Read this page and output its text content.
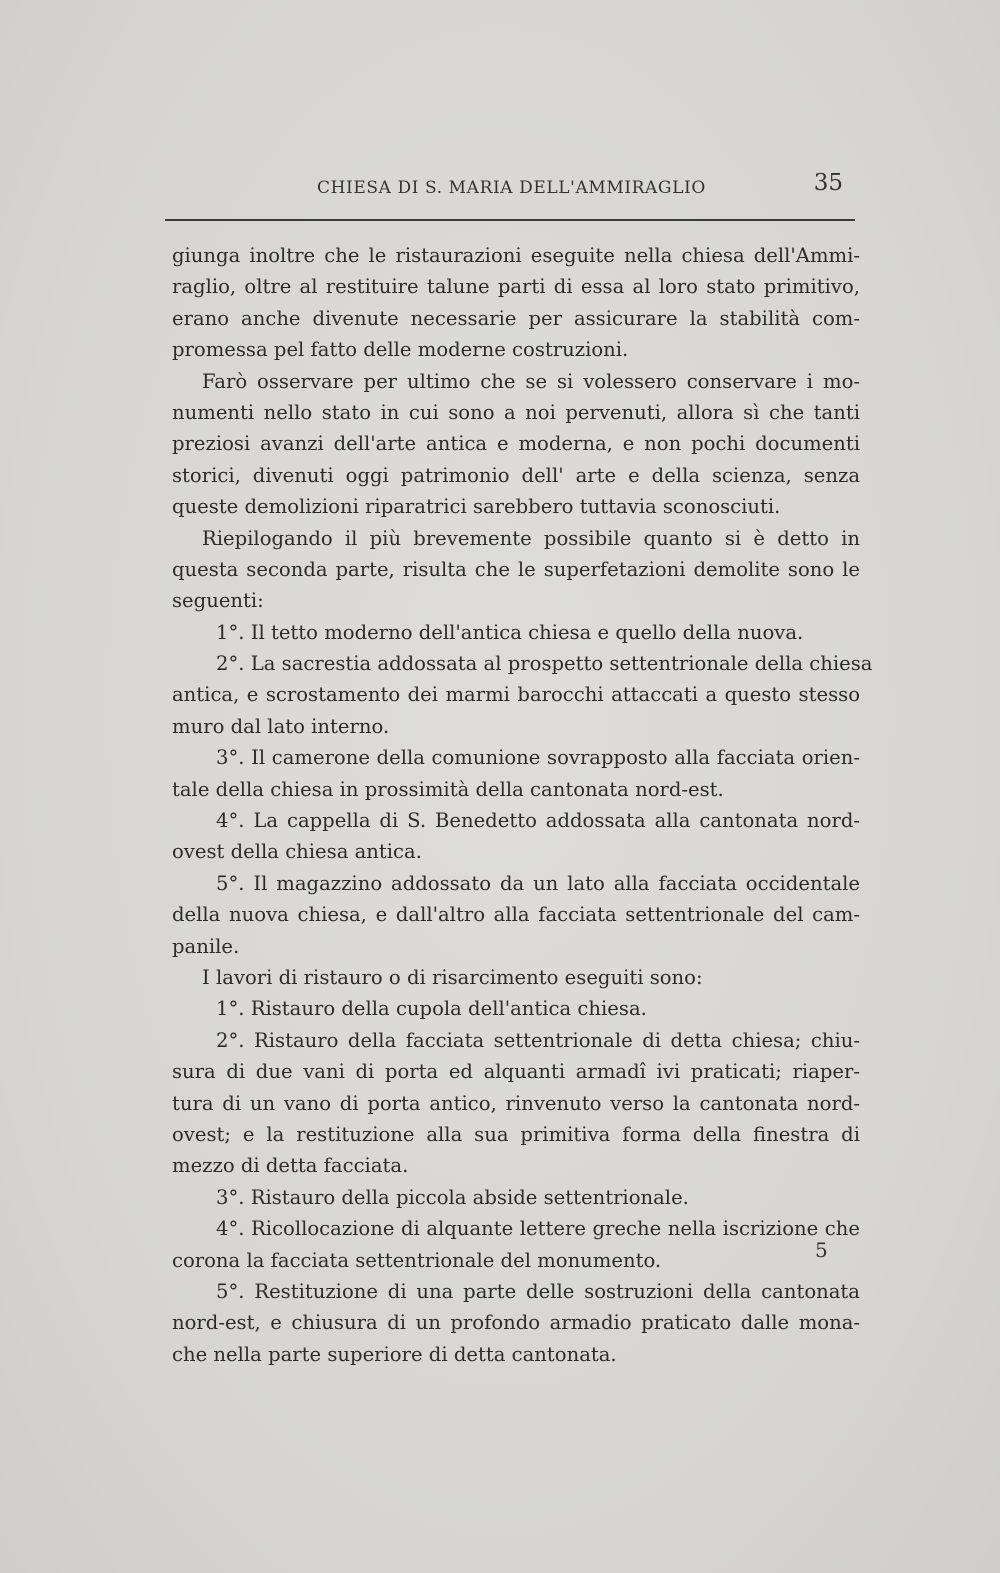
CHIESA DI S. MARIA DELL'AMMIRAGLIO	35
giunga inoltre che le ristaurazioni eseguite nella chiesa dell'Ammi-
raglio, oltre al restituire talune parti di essa al loro stato primitivo,
erano anche divenute necessarie per assicurare la stabilità com-
promessa pel fatto delle moderne costruzioni.
Farò osservare per ultimo che se si volessero conservare i mo-
numenti nello stato in cui sono a noi pervenuti, allora sì che tanti
preziosi avanzi dell'arte antica e moderna, e non pochi documenti
storici, divenuti oggi patrimonio dell' arte e della scienza, senza
queste demolizioni riparatrici sarebbero tuttavia sconosciuti.
Riepilogando il più brevemente possibile quanto si è detto in
questa seconda parte, risulta che le superfetazioni demolite sono le
seguenti:
1°. Il tetto moderno dell'antica chiesa e quello della nuova.
2°. La sacrestia addossata al prospetto settentrionale della chiesa
antica, e scrostamento dei marmi barocchi attaccati a questo stesso
muro dal lato interno.
3°. Il camerone della comunione sovrapposto alla facciata orien-
tale della chiesa in prossimità della cantonata nord-est.
4°. La cappella di S. Benedetto addossata alla cantonata nord-
ovest della chiesa antica.
5°. Il magazzino addossato da un lato alla facciata occidentale
della nuova chiesa, e dall'altro alla facciata settentrionale del cam-
panile.
I lavori di ristauro o di risarcimento eseguiti sono:
1°. Ristauro della cupola dell'antica chiesa.
2°. Ristauro della facciata settentrionale di detta chiesa; chiu-
sura di due vani di porta ed alquanti armadî ivi praticati; riaper-
tura di un vano di porta antico, rinvenuto verso la cantonata nord-
ovest; e la restituzione alla sua primitiva forma della finestra di
mezzo di detta facciata.
3°. Ristauro della piccola abside settentrionale.
4°. Ricollocazione di alquante lettere greche nella iscrizione che
corona la facciata settentrionale del monumento.
5°. Restituzione di una parte delle sostruzioni della cantonata
nord-est, e chiusura di un profondo armadio praticato dalle mona-
che nella parte superiore di detta cantonata.
5
